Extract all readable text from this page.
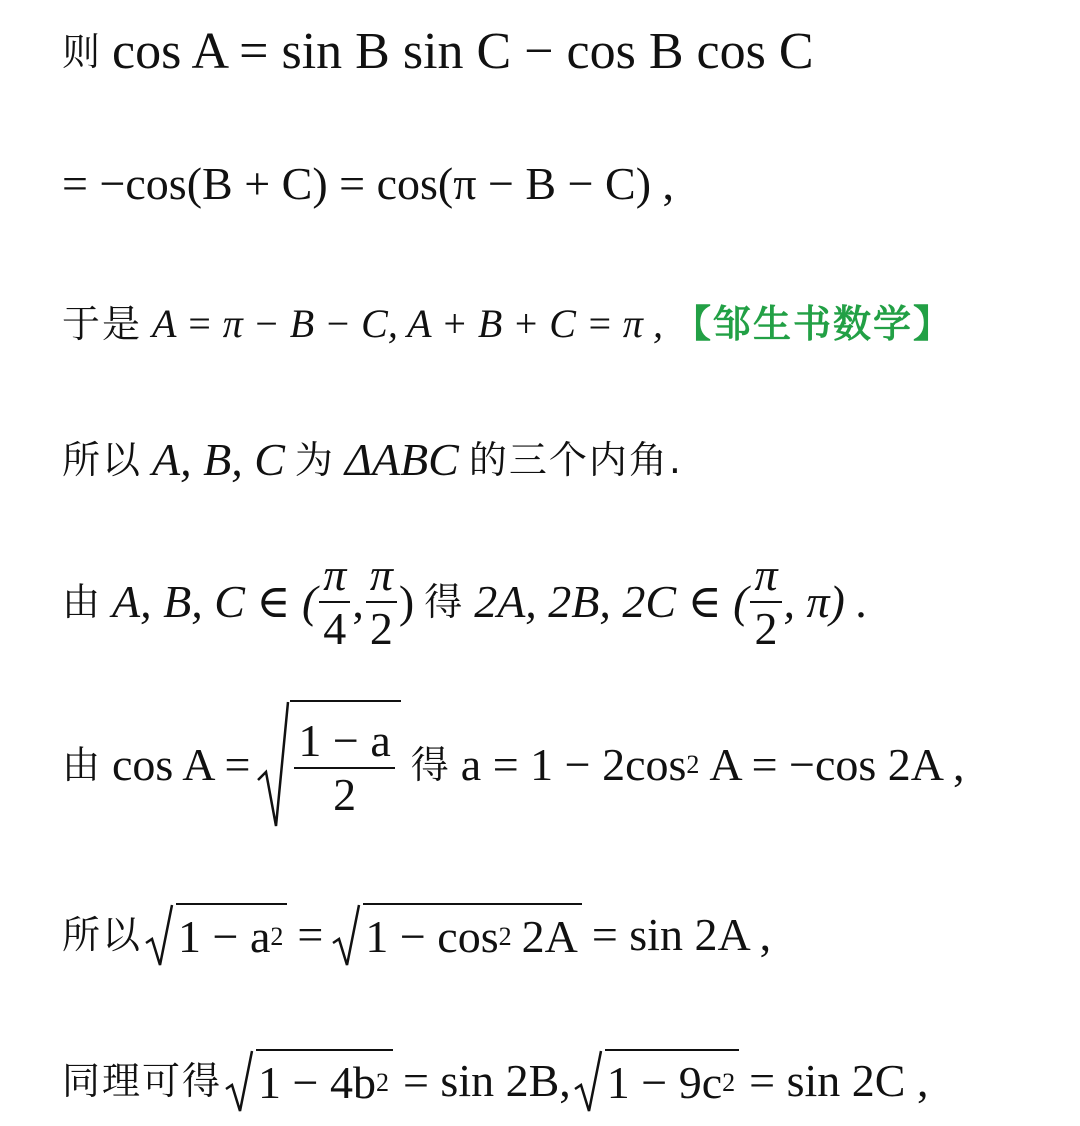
则 cos A = sin B sin C − cos B cos C
= −cos(B + C) = cos(π − B − C) ,
于是 A = π − B − C, A + B + C = π , 【邹生书数学】
所以 A, B, C 为 ΔABC 的三个内角.
由 A, B, C ∈ ( $\frac{\pi}{4}$ , $\frac{\pi}{2}$ ) 得 2A, 2B, 2C ∈ ( $\frac{\pi}{2}$ , π) .
由 $\cos A = \frac{1 - a}{2}$ 得 a = 1 − 2cos 2 A = −cos 2A ,
所以 1 − a 2 = 1 − cos 2 2A = sin 2A ,
同理可得 1 − 4b 2 = sin 2B, 1 − 9c 2 = sin 2C ,
